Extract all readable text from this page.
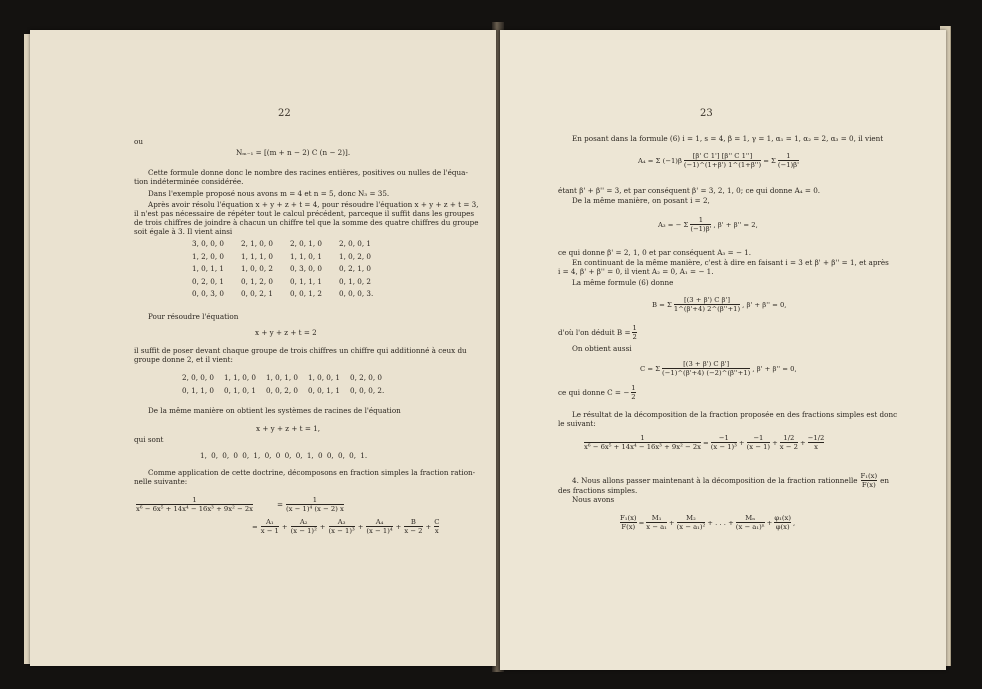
22
ou
Nₘ₋₁ = [(m + n − 2) C (n − 2)].
Cette formule donne donc le nombre des racines entières, positives ou nulles de l'équa-
tion indéterminée considérée.
Dans l'exemple proposé nous avons m = 4 et n = 5, donc N₃ = 35.
Après avoir résolu l'équation x + y + z + t = 4, pour résoudre l'équation x + y + z + t = 3,
il n'est pas nécessaire de répéter tout le calcul précédent, parceque il suffit dans les groupes
de trois chiffres de joindre à chacun un chiffre tel que la somme des quatre chiffres du groupe
soit égale à 3. Il vient ainsi
3, 0, 0, 0	2, 1, 0, 0	2, 0, 1, 0	2, 0, 0, 1
1, 2, 0, 0	1, 1, 1, 0	1, 1, 0, 1	1, 0, 2, 0
1, 0, 1, 1	1, 0, 0, 2	0, 3, 0, 0	0, 2, 1, 0
0, 2, 0, 1	0, 1, 2, 0	0, 1, 1, 1	0, 1, 0, 2
0, 0, 3, 0	0, 0, 2, 1	0, 0, 1, 2	0, 0, 0, 3.
Pour résoudre l'équation
x + y + z + t = 2
il suffit de poser devant chaque groupe de trois chiffres un chiffre qui additionné à ceux du
groupe donne 2, et il vient:
2, 0, 0, 0	1, 1, 0, 0	1, 0, 1, 0	1, 0, 0, 1	0, 2, 0, 0
0, 1, 1, 0	0, 1, 0, 1	0, 0, 2, 0	0, 0, 1, 1	0, 0, 0, 2.
De la même manière on obtient les systèmes de racines de l'équation
x + y + z + t = 1,
qui sont
1, 0, 0, 0 0, 1, 0, 0 0, 0, 1, 0 0, 0, 0, 1.
Comme application de cette doctrine, décomposons en fraction simples la fraction ration-
nelle suivante:
1
x⁶ − 6x⁵ + 14x⁴ − 16x³ + 9x² − 2x	=	1
(x − 1)⁴ (x − 2) x
= $\frac{\text{A₁}}{x - 1} + \frac{\text{A₂}}{\text{(x − 1)²}} + \frac{\text{A₃}}{\text{(x − 1)³}} + \frac{\text{A₄}}{\text{(x − 1)⁴}} + \frac{B}{x - 2} + \frac{C}{x}$
23
En posant dans la formule (6) i = 1, s = 4, β = 1, γ = 1, α₁ = 1, α₂ = 2, α₃ = 0, il vient
A₄ = Σ $(-1)\beta \frac{[\beta' C 1'] [\beta'' C 1'']}{(-1)\^{}(1+\beta') 1\^{}(1+\beta'')} = \Sigma \frac{1}{(-1)\beta'}$
étant β' + β'' = 3, et par conséquent β' = 3, 2, 1, 0; ce qui donne A₄ = 0.
De la même manière, on posant i = 2,
A₃ = − Σ $\frac{1}{(-1)\beta'}$ , β' + β'' = 2,
ce qui donne β' = 2, 1, 0 et par conséquent A₃ = − 1.
En continuant de la même manière, c'est à dire en faisant i = 3 et β' + β'' = 1, et après
i = 4, β' + β'' = 0, il vient A₂ = 0, A₁ = − 1.
La même formule (6) donne
B = Σ $\frac{\text{[(3 + β') C β']}}{1\^{}(\beta'+4) 2\^{}(\beta''+1)}$ , β' + β'' = 0,
d'où l'on déduit $B = \frac{1}{2}$
On obtient aussi
C = Σ $\frac{\text{[(3 + β') C β']}}{(-1)\^{}(\beta'+4) (-2)\^{}(\beta''+1)}$ , β' + β'' = 0,
ce qui donne C = − $\frac{1}{2}$
Le résultat de la décomposition de la fraction proposée en des fractions simples est donc
le suivant:
$\frac{1}{\text{x⁶ − 6x⁵ + 14x⁴ − 16x³ + 9x² − 2x}} = \frac{-1}{\text{(x − 1)³}} + \frac{-1}{(x - 1)} + \frac{1/2}{x - 2} + \frac{-1/2}{x}$
4. Nous allons passer maintenant à la décomposition de la fraction rationnelle $\frac{\text{F₁(x)}}{F(x)}$ en
des fractions simples.
Nous avons
$\frac{\text{F₁(x)}}{F(x)} = \frac{\text{M₁}}{\text{x − a₁}} + \frac{\text{M₂}}{\text{(x − a₁)²}}$ + . . . + $\frac{\text{Mₙ}}{\text{(x − a₁)ⁿ}} + \frac{\text{φ₁(x)}}{\varphi(x)}$ ,
